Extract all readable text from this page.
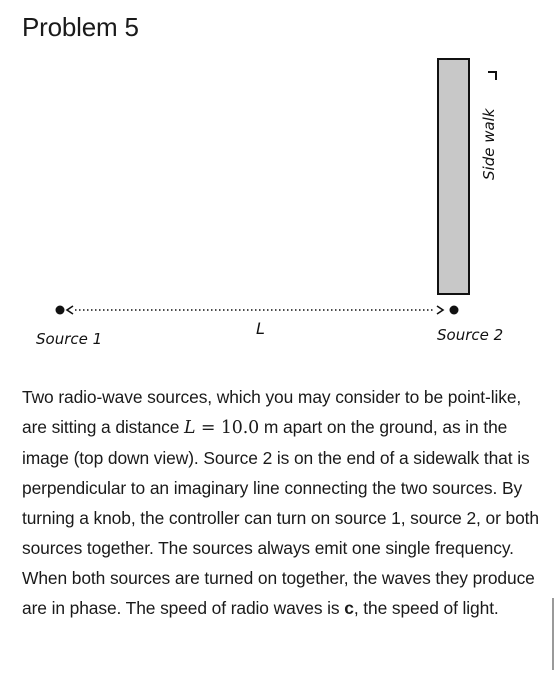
Problem 5
Side walk
Source 1
L	Source 2

Two radio-wave sources, which you may consider to be point-like, are sitting a distance L = 10.0 m apart on the ground, as in the image (top down view). Source 2 is on the end of a sidewalk that is perpendicular to an imaginary line connecting the two sources. By turning a knob, the controller can turn on source 1, source 2, or both sources together. The sources always emit one single frequency. When both sources are turned on together, the waves they produce are in phase. The speed of radio waves is c, the speed of light.
